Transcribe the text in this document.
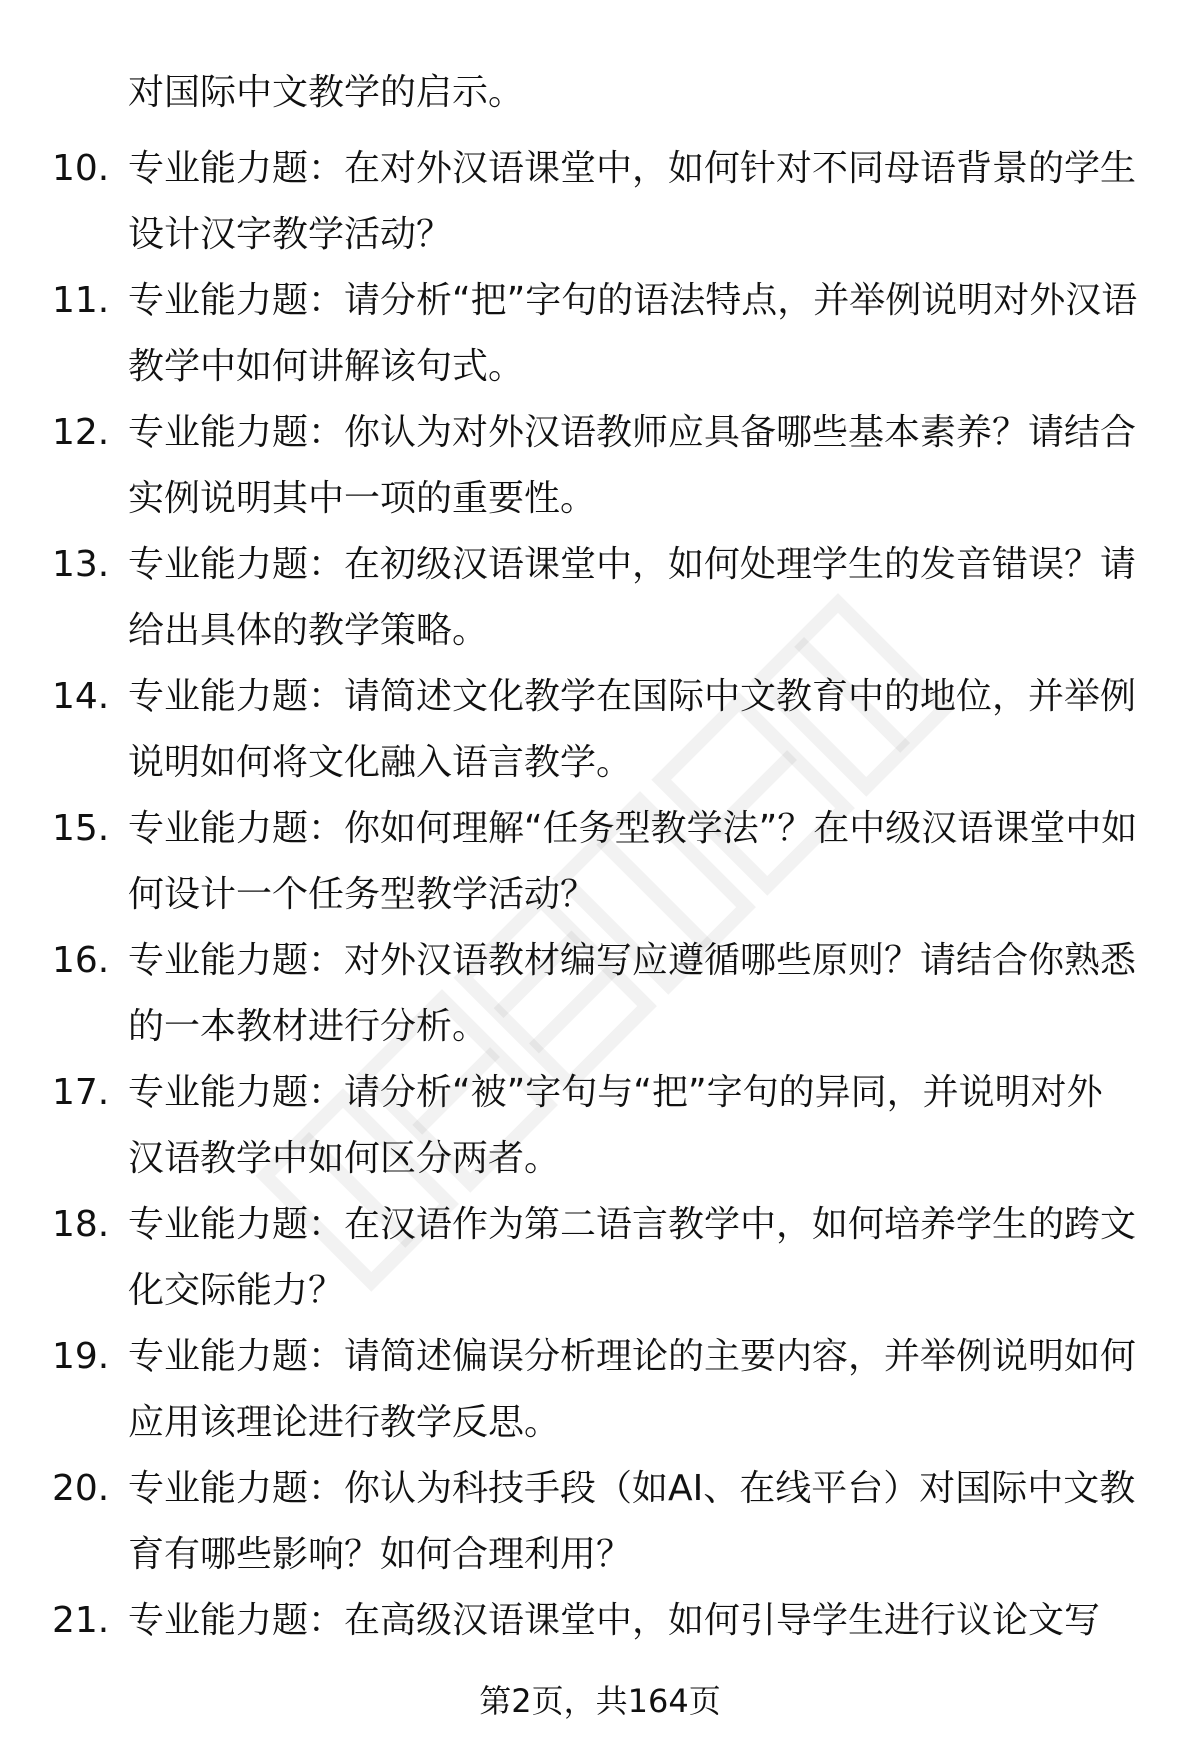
对国际中文教学的启示。

10. 专业能力题：在对外汉语课堂中，如何针对不同母语背景的学生设计汉字教学活动？
11. 专业能力题：请分析“把”字句的语法特点，并举例说明对外汉语教学中如何讲解该句式。
12. 专业能力题：你认为对外汉语教师应具备哪些基本素养？请结合实例说明其中一项的重要性。
13. 专业能力题：在初级汉语课堂中，如何处理学生的发音错误？请给出具体的教学策略。
14. 专业能力题：请简述文化教学在国际中文教育中的地位，并举例说明如何将文化融入语言教学。
15. 专业能力题：你如何理解“任务型教学法”？在中级汉语课堂中如何设计一个任务型教学活动？
16. 专业能力题：对外汉语教材编写应遵循哪些原则？请结合你熟悉的一本教材进行分析。
17. 专业能力题：请分析“被”字句与“把”字句的异同，并说明对外汉语教学中如何区分两者。
18. 专业能力题：在汉语作为第二语言教学中，如何培养学生的跨文化交际能力？
19. 专业能力题：请简述偏误分析理论的主要内容，并举例说明如何应用该理论进行教学反思。
20. 专业能力题：你认为科技手段（如AI、在线平台）对国际中文教育有哪些影响？如何合理利用？
21. 专业能力题：在高级汉语课堂中，如何引导学生进行议论文写
第2页，共164页
